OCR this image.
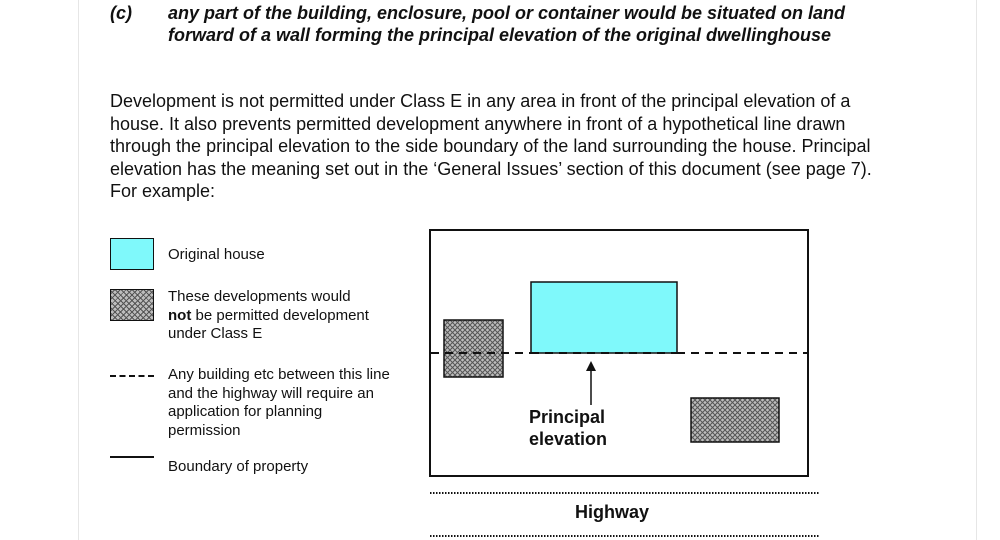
(c) any part of the building, enclosure, pool or container would be situated on land forward of a wall forming the principal elevation of the original dwellinghouse
Development is not permitted under Class E in any area in front of the principal elevation of a house. It also prevents permitted development anywhere in front of a hypothetical line drawn through the principal elevation to the side boundary of the land surrounding the house. Principal elevation has the meaning set out in the ‘General Issues’ section of this document (see page 7). For example:
Original house
These developments would
not be permitted development under Class E
Any building etc between this line and the highway will require an application for planning permission
Boundary of property
Principal
elevation
Highway
